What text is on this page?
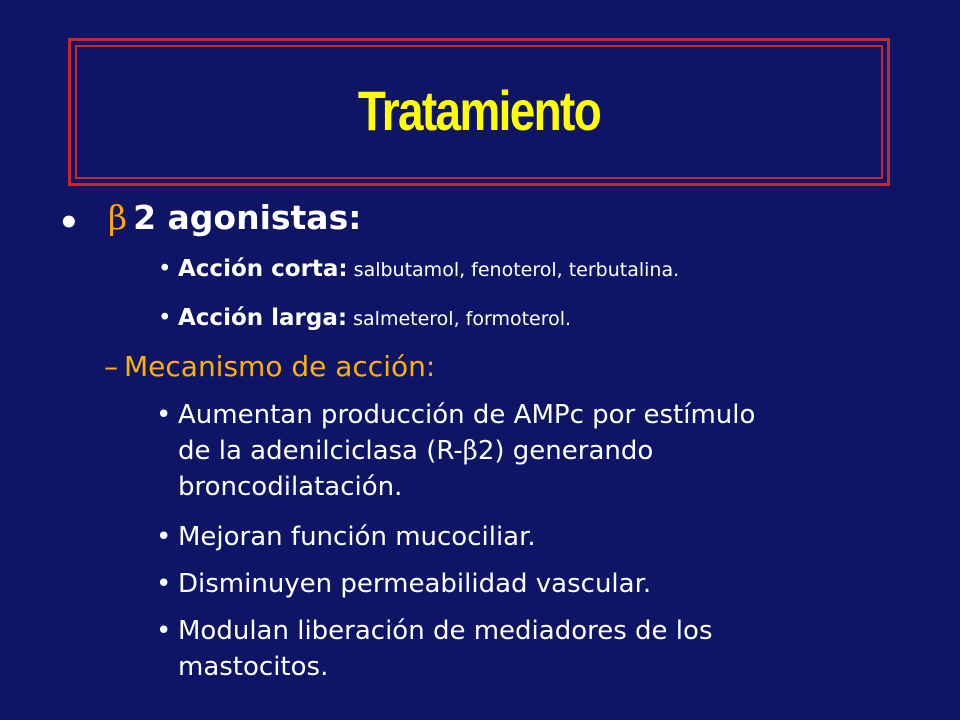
Tratamiento
• β 2 agonistas:
• Acción corta: salbutamol, fenoterol, terbutalina.
• Acción larga: salmeterol, formoterol.
– Mecanismo de acción:
• Aumentan producción de AMPc por estímulo
de la adenilciclasa (R-β2) generando
broncodilatación.
• Mejoran función mucociliar.
• Disminuyen permeabilidad vascular.
• Modulan liberación de mediadores de los
mastocitos.
